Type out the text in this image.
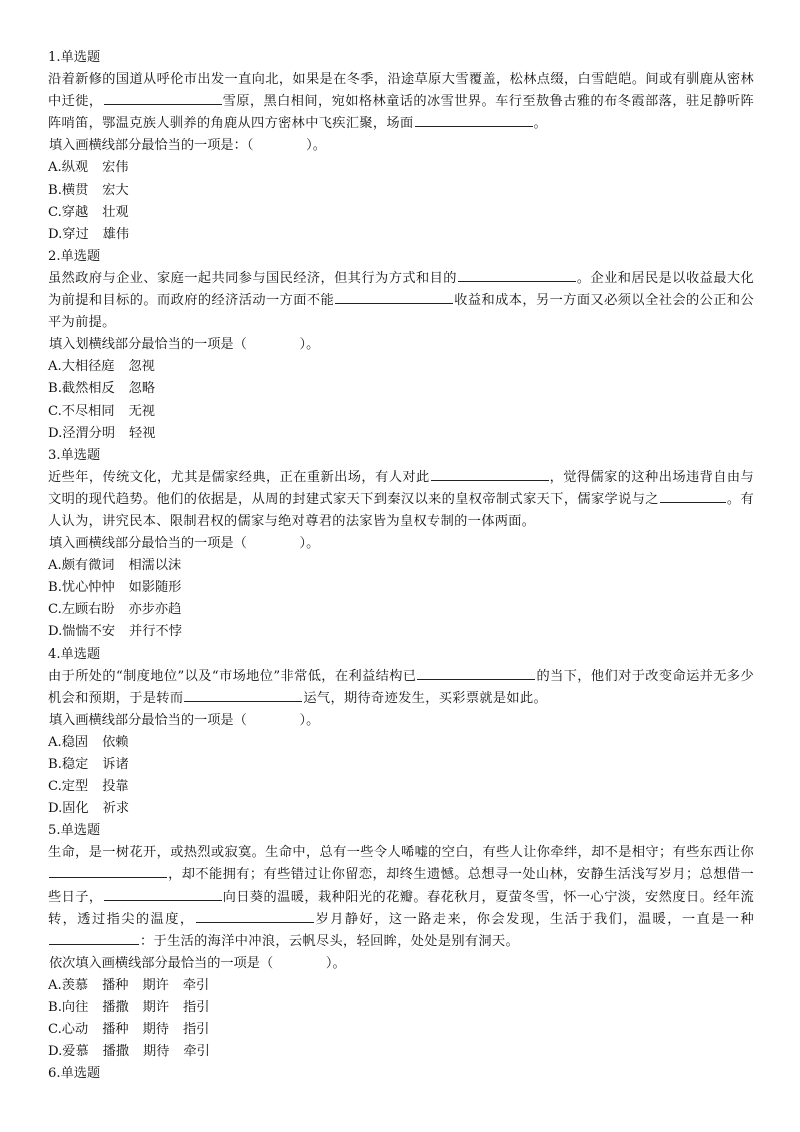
1.单选题
沿着新修的国道从呼伦市出发一直向北，如果是在冬季，沿途草原大雪覆盖，松林点缀，白雪皑皑。间或有驯鹿从密林中迁徙，	雪原，黑白相间，宛如格林童话的冰雪世界。车行至敖鲁古雅的布冬霞部落，驻足静听阵阵哨笛，鄂温克族人驯养的角鹿从四方密林中飞疾汇聚，场面	。
填入画横线部分最恰当的一项是：（　　　　）。
A.纵观 宏伟
B.横贯 宏大
C.穿越 壮观
D.穿过 雄伟
2.单选题
虽然政府与企业、家庭一起共同参与国民经济，但其行为方式和目的	。企业和居民是以收益最大化为前提和目标的。而政府的经济活动一方面不能	收益和成本，另一方面又必须以全社会的公正和公平为前提。
填入划横线部分最恰当的一项是（　　　　）。
A.大相径庭 忽视
B.截然相反 忽略
C.不尽相同 无视
D.泾渭分明 轻视
3.单选题
近些年，传统文化，尤其是儒家经典，正在重新出场，有人对此	，觉得儒家的这种出场违背自由与文明的现代趋势。他们的依据是，从周的封建式家天下到秦汉以来的皇权帝制式家天下，儒家学说与之	。有人认为，讲究民本、限制君权的儒家与绝对尊君的法家皆为皇权专制的一体两面。
填入画横线部分最恰当的一项是（　　　　）。
A.颇有微词 相濡以沫
B.忧心忡忡 如影随形
C.左顾右盼 亦步亦趋
D.惴惴不安 并行不悖
4.单选题
由于所处的“制度地位”以及“市场地位”非常低，在利益结构已	的当下，他们对于改变命运并无多少机会和预期，于是转而	运气，期待奇迹发生，买彩票就是如此。
填入画横线部分最恰当的一项是（　　　　）。
A.稳固 依赖
B.稳定 诉诸
C.定型 投靠
D.固化 祈求
5.单选题
生命，是一树花开，或热烈或寂寞。生命中，总有一些令人唏嘘的空白，有些人让你牵绊，却不是相守；有些东西让你，却不能拥有；有些错过让你留恋，却终生遗憾。总想寻一处山林，安静生活浅写岁月；总想借一些日子，	向日葵的温暖，栽种阳光的花瓣。春花秋月，夏萤冬雪，怀一心宁淡，安然度日。经年流转，透过指尖的温度，	岁月静好，这一路走来，你会发现，生活于我们，温暖，一直是一种：于生活的海洋中冲浪，云帆尽头，轻回眸，处处是别有洞天。
依次填入画横线部分最恰当的一项是（　　　　）。
A.羡慕 播种 期许 牵引
B.向往 播撒 期许 指引
C.心动 播种 期待 指引
D.爱慕 播撒 期待 牵引
6.单选题
